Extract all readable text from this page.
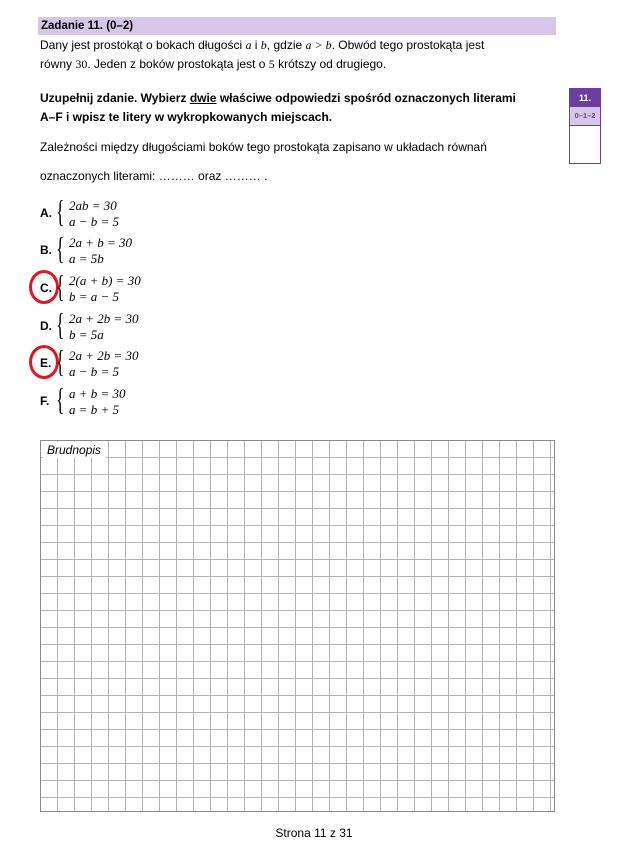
Zadanie 11. (0–2)
Dany jest prostokąt o bokach długości a i b, gdzie a > b. Obwód tego prostokąta jest
równy 30. Jeden z boków prostokąta jest o 5 krótszy od drugiego.
Uzupełnij zdanie. Wybierz dwie właściwe odpowiedzi spośród oznaczonych literami
A–F i wpisz te litery w wykropkowanych miejscach.
11.
0–1–2
Zależności między długościami boków tego prostokąta zapisano w układach równań
oznaczonych literami: ……… oraz ……… .
A. { 2ab = 30
a − b = 5
B. { 2a + b = 30
a = 5b
C. { 2(a + b) = 30
b = a − 5
D. { 2a + 2b = 30
b = 5a
E. { 2a + 2b = 30
a − b = 5
F. { a + b = 30
a = b + 5
Brudnopis
Strona 11 z 31
